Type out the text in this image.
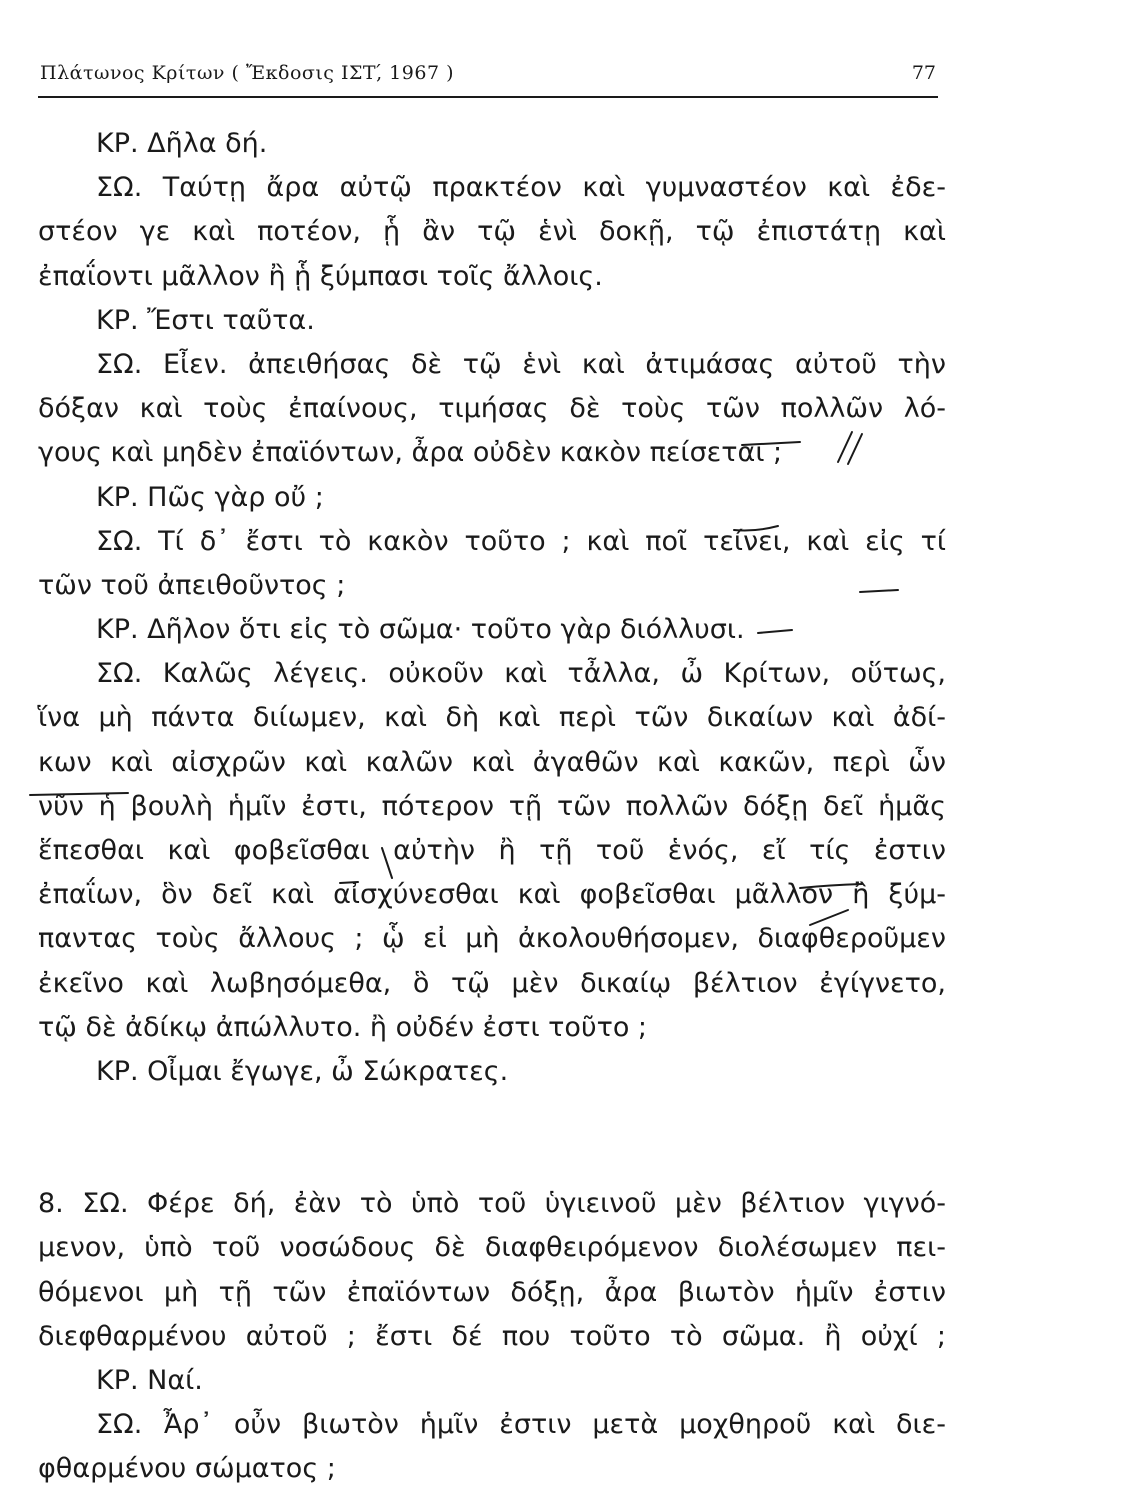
Πλάτωνος Κρίτων ( Ἔκδοσις ΙΣΤ,́ 1967 )	77
ΚΡ. Δῆλα δή.
ΣΩ. Ταύτῃ ἄρα αὐτῷ πρακτέον καὶ γυμναστέον καὶ ἐδε-
στέον γε καὶ ποτέον, ᾗ ἂν τῷ ἑνὶ δοκῇ, τῷ ἐπιστάτῃ καὶ
ἐπαΐοντι μᾶλλον ἢ ᾗ ξύμπασι τοῖς ἄλλοις.
ΚΡ. Ἔστι ταῦτα.
ΣΩ. Εἶεν. ἀπειθήσας δὲ τῷ ἑνὶ καὶ ἀτιμάσας αὐτοῦ τὴν
δόξαν καὶ τοὺς ἐπαίνους, τιμήσας δὲ τοὺς τῶν πολλῶν λό-
γους καὶ μηδὲν ἐπαϊόντων, ἆρα οὐδὲν κακὸν πείσεται ;
ΚΡ. Πῶς γὰρ οὔ ;
ΣΩ. Τί δ᾽ ἔστι τὸ κακὸν τοῦτο ; καὶ ποῖ τείνει, καὶ εἰς τί
τῶν τοῦ ἀπειθοῦντος ;
ΚΡ. Δῆλον ὅτι εἰς τὸ σῶμα· τοῦτο γὰρ διόλλυσι.
ΣΩ. Καλῶς λέγεις. οὐκοῦν καὶ τἆλλα, ὦ Κρίτων, οὕτως,
ἵνα μὴ πάντα διίωμεν, καὶ δὴ καὶ περὶ τῶν δικαίων καὶ ἀδί-
κων καὶ αἰσχρῶν καὶ καλῶν καὶ ἀγαθῶν καὶ κακῶν, περὶ ὧν
νῦν ἡ βουλὴ ἡμῖν ἐστι, πότερον τῇ τῶν πολλῶν δόξῃ δεῖ ἡμᾶς
ἕπεσθαι καὶ φοβεῖσθαι αὐτὴν ἢ τῇ τοῦ ἑνός, εἴ τίς ἐστιν
ἐπαΐων, ὃν δεῖ καὶ αἰσχύνεσθαι καὶ φοβεῖσθαι μᾶλλον ἢ ξύμ-
παντας τοὺς ἄλλους ; ᾧ εἰ μὴ ἀκολουθήσομεν, διαφθεροῦμεν
ἐκεῖνο καὶ λωβησόμεθα, ὃ τῷ μὲν δικαίῳ βέλτιον ἐγίγνετο,
τῷ δὲ ἀδίκῳ ἀπώλλυτο. ἢ οὐδέν ἐστι τοῦτο ;
ΚΡ. Οἶμαι ἔγωγε, ὦ Σώκρατες.
8. ΣΩ. Φέρε δή, ἐὰν τὸ ὑπὸ τοῦ ὑγιεινοῦ μὲν βέλτιον γιγνό-
μενον, ὑπὸ τοῦ νοσώδους δὲ διαφθειρόμενον διολέσωμεν πει-
θόμενοι μὴ τῇ τῶν ἐπαϊόντων δόξῃ, ἆρα βιωτὸν ἡμῖν ἐστιν
διεφθαρμένου αὐτοῦ ; ἔστι δέ που τοῦτο τὸ σῶμα. ἢ οὐχί ;
ΚΡ. Ναί.
ΣΩ. Ἆρ᾽ οὖν βιωτὸν ἡμῖν ἐστιν μετὰ μοχθηροῦ καὶ διε-
φθαρμένου σώματος ;
